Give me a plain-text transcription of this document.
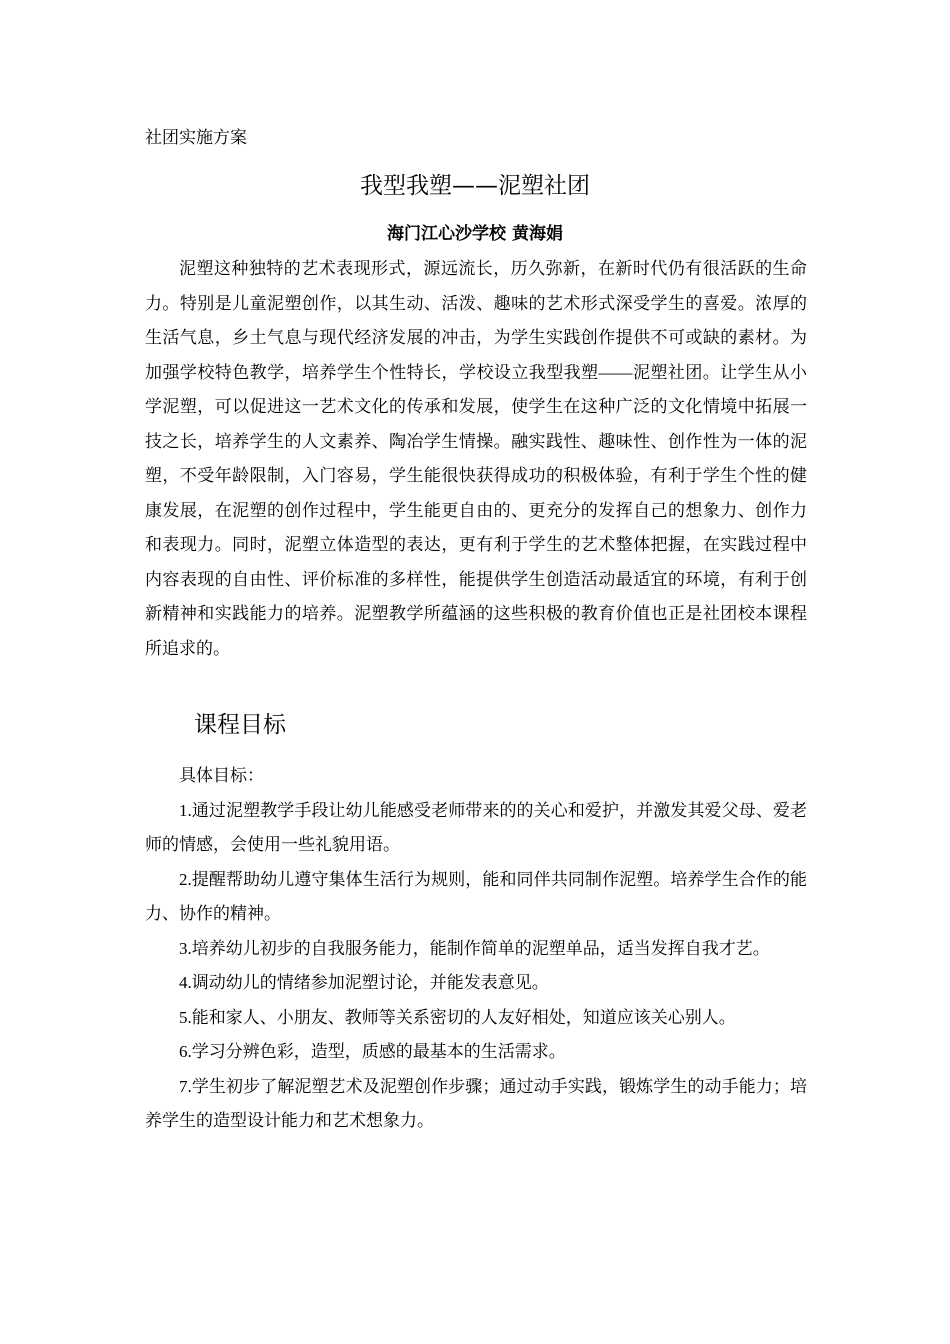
社团实施方案
我型我塑——泥塑社团
海门江心沙学校 黄海娟

泥塑这种独特的艺术表现形式，源远流长，历久弥新，在新时代仍有很活跃的生命力。特别是儿童泥塑创作，以其生动、活泼、趣味的艺术形式深受学生的喜爱。浓厚的生活气息，乡土气息与现代经济发展的冲击，为学生实践创作提供不可或缺的素材。为加强学校特色教学，培养学生个性特长，学校设立我型我塑——泥塑社团。让学生从小学泥塑，可以促进这一艺术文化的传承和发展，使学生在这种广泛的文化情境中拓展一技之长，培养学生的人文素养、陶冶学生情操。融实践性、趣味性、创作性为一体的泥塑，不受年龄限制，入门容易，学生能很快获得成功的积极体验，有利于学生个性的健康发展，在泥塑的创作过程中，学生能更自由的、更充分的发挥自己的想象力、创作力和表现力。同时，泥塑立体造型的表达，更有利于学生的艺术整体把握，在实践过程中内容表现的自由性、评价标准的多样性，能提供学生创造活动最适宜的环境，有利于创新精神和实践能力的培养。泥塑教学所蕴涵的这些积极的教育价值也正是社团校本课程所追求的。

课程目标

具体目标：

1.通过泥塑教学手段让幼儿能感受老师带来的的关心和爱护，并激发其爱父母、爱老师的情感，会使用一些礼貌用语。

2.提醒帮助幼儿遵守集体生活行为规则，能和同伴共同制作泥塑。培养学生合作的能力、协作的精神。

3.培养幼儿初步的自我服务能力，能制作简单的泥塑单品，适当发挥自我才艺。

4.调动幼儿的情绪参加泥塑讨论，并能发表意见。

5.能和家人、小朋友、教师等关系密切的人友好相处，知道应该关心别人。

6.学习分辨色彩，造型，质感的最基本的生活需求。

7.学生初步了解泥塑艺术及泥塑创作步骤；通过动手实践，锻炼学生的动手能力；培养学生的造型设计能力和艺术想象力。
